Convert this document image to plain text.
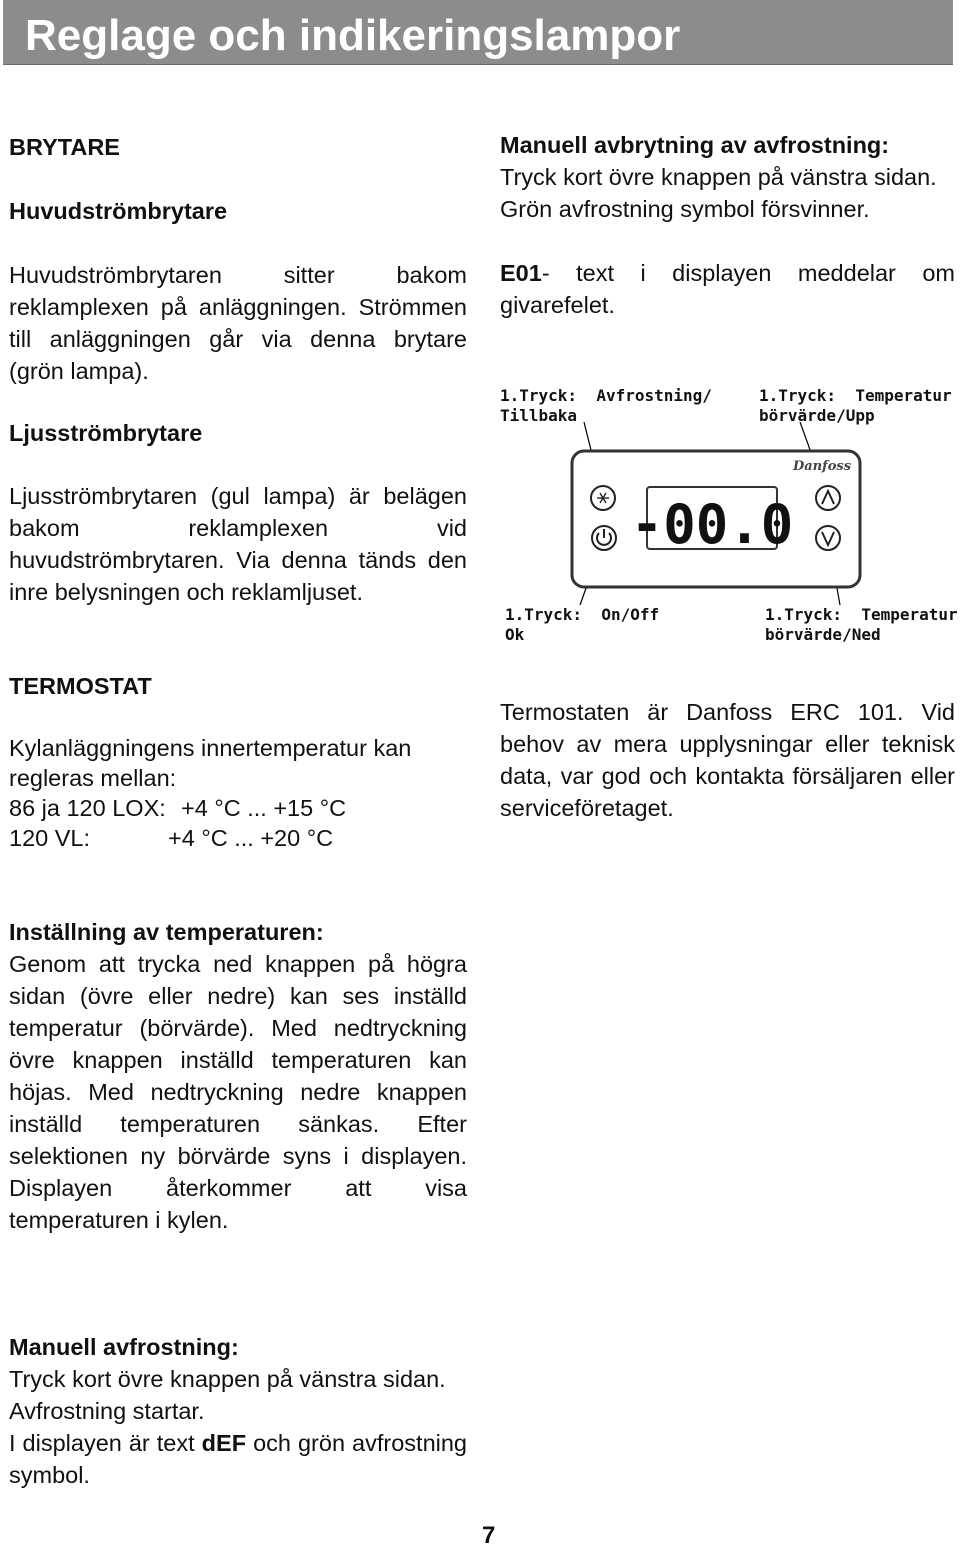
Reglage och indikeringslampor

BRYTARE

Huvudströmbrytare

Huvudströmbrytaren sitter bakom reklamplexen på anläggningen. Strömmen till anläggningen går via denna brytare (grön lampa).

Ljusströmbrytare

Ljusströmbrytaren (gul lampa) är belägen bakom reklamplexen vid huvudströmbrytaren. Via denna tänds den inre belysningen och reklamljuset.

TERMOSTAT

Kylanläggningens innertemperatur kan

regleras mellan:

86 ja 120 LOX: +4 °C ... +15 °C

120 VL:	+4 °C ... +20 °C

Manuell avbrytning av avfrostning:

Tryck kort övre knappen på vänstra sidan. Grön avfrostning symbol försvinner.

E01- text i displayen meddelar om givarefelet.

1.Tryck:  Avfrostning/
Tillbaka
1.Tryck:  Temperatur
börvärde/Upp
1.Tryck:  On/Off
Ok
1.Tryck:  Temperatur
börvärde/Ned
-00.0
Danfoss

Termostaten är Danfoss ERC 101. Vid behov av mera upplysningar eller teknisk data, var god och kontakta försäljaren eller serviceföretaget.

Inställning av temperaturen:

Genom att trycka ned knappen på högra sidan (övre eller nedre) kan ses inställd temperatur (börvärde). Med nedtryckning övre knappen inställd temperaturen kan höjas. Med nedtryckning nedre knappen inställd temperaturen sänkas. Efter selektionen ny börvärde syns i displayen. Displayen återkommer att visa temperaturen i kylen.

Manuell avfrostning:

Tryck kort övre knappen på vänstra sidan.

Avfrostning startar.

I displayen är text dEF och grön avfrostning symbol.

7
